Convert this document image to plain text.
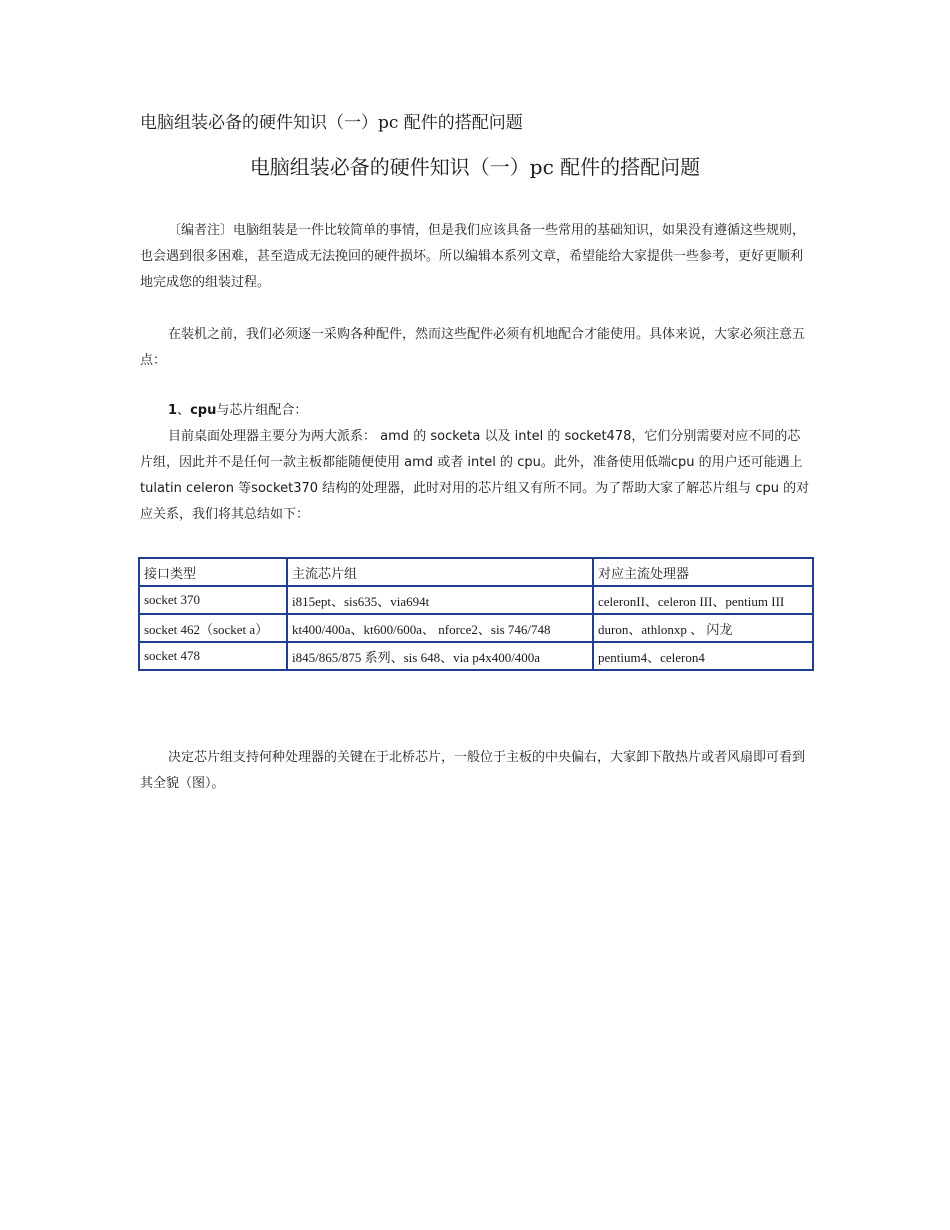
电脑组装必备的硬件知识（一）pc 配件的搭配问题
电脑组装必备的硬件知识（一）pc 配件的搭配问题

〔编者注〕电脑组装是一件比较简单的事情，但是我们应该具备一些常用的基础知识，如果没有遵循这些规则，也会遇到很多困难，甚至造成无法挽回的硬件损坏。所以编辑本系列文章，希望能给大家提供一些参考，更好更顺利地完成您的组装过程。

在装机之前，我们必须逐一采购各种配件，然而这些配件必须有机地配合才能使用。具体来说，大家必须注意五点：

1、cpu与芯片组配合：

目前桌面处理器主要分为两大派系： amd 的 socketa 以及 intel 的 socket478，它们分别需要对应不同的芯片组，因此并不是任何一款主板都能随便使用 amd 或者 intel 的 cpu。此外，准备使用低端cpu 的用户还可能遇上 tulatin celeron 等socket370 结构的处理器，此时对用的芯片组又有所不同。为了帮助大家了解芯片组与 cpu 的对应关系，我们将其总结如下：

接口类型	主流芯片组	对应主流处理器
socket 370	i815ept、sis635、via694t	celeronII、celeron III、pentium III
socket 462（socket a）	kt400/400a、kt600/600a、 nforce2、sis 746/748	duron、athlonxp 、 闪龙
socket 478	i845/865/875 系列、sis 648、via p4x400/400a	pentium4、celeron4

决定芯片组支持何种处理器的关键在于北桥芯片，一般位于主板的中央偏右，大家卸下散热片或者风扇即可看到其全貌（图）。
